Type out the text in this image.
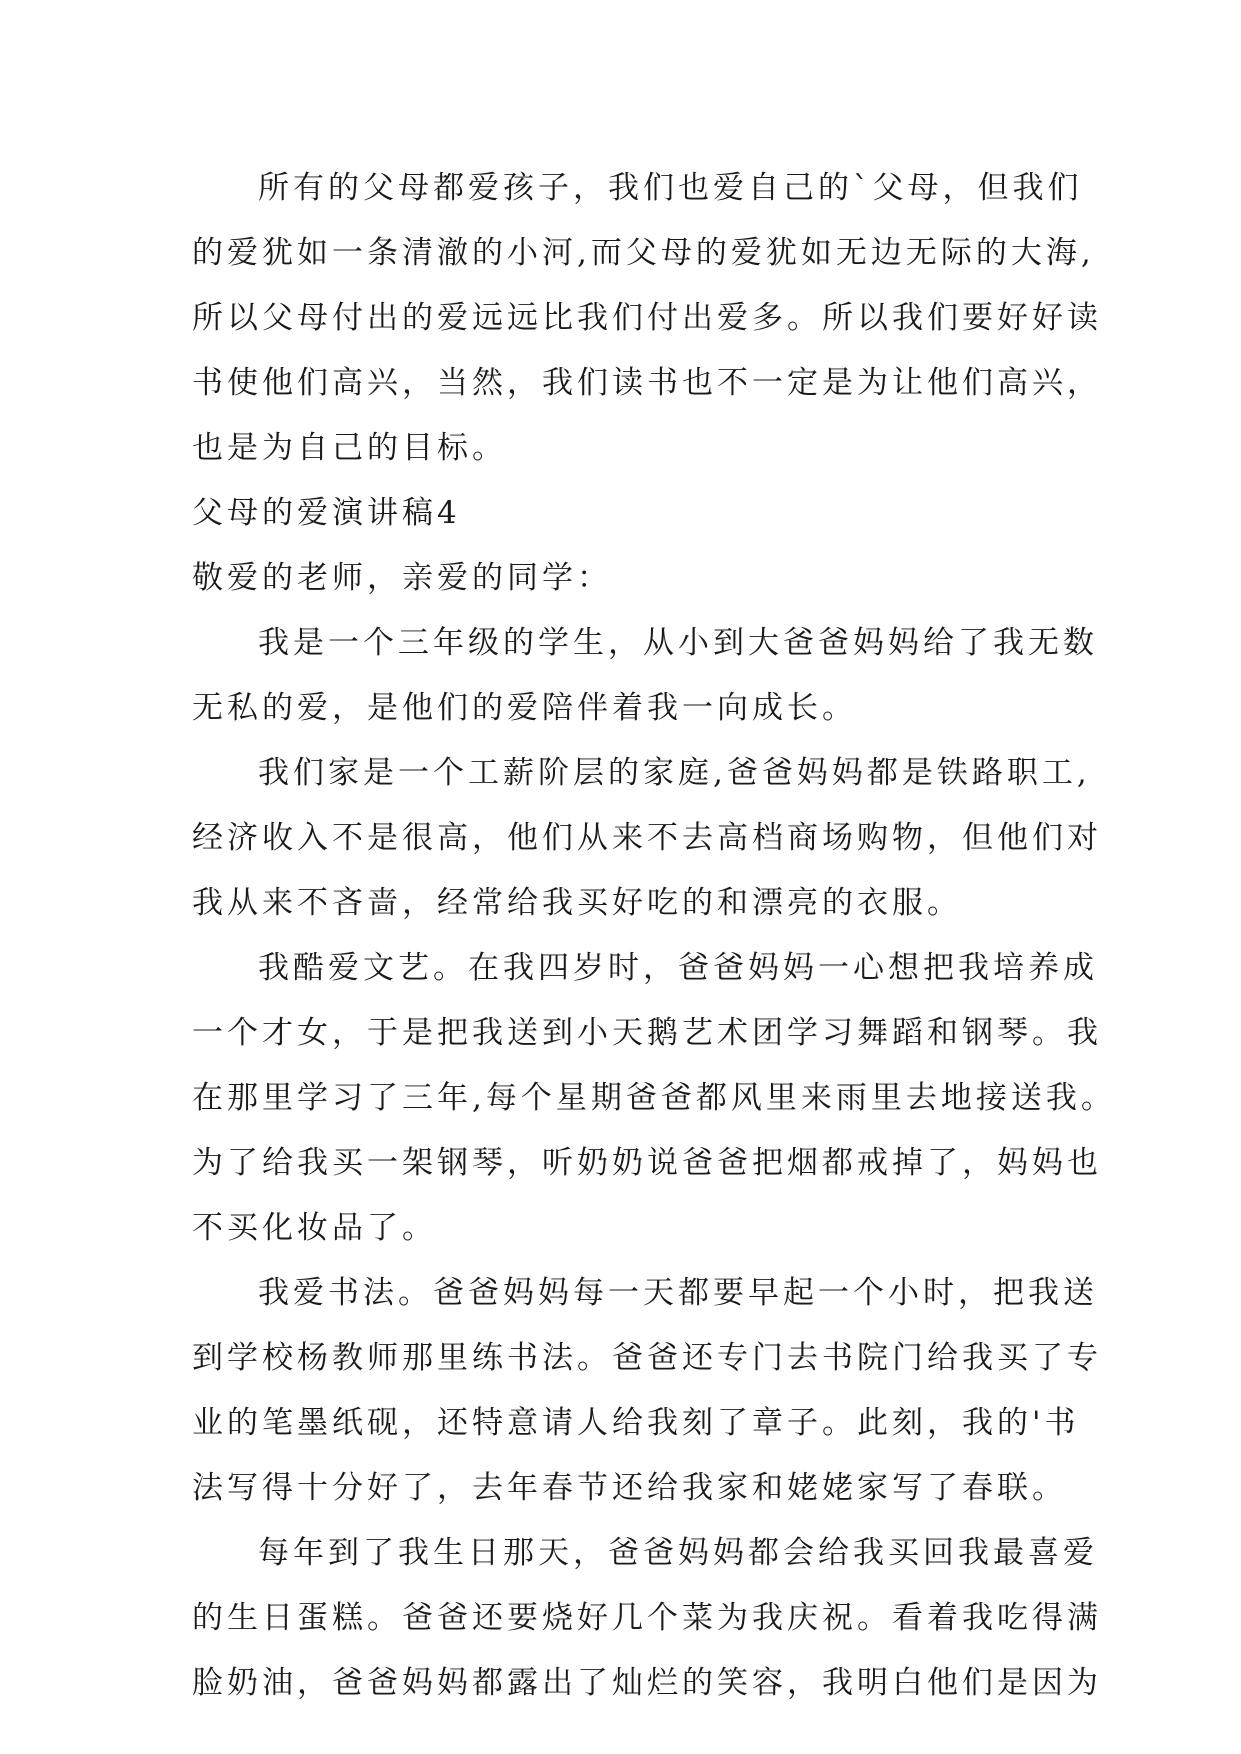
所有的父母都爱孩子，我们也爱自己的`父母，但我们
的爱犹如一条清澈的小河,而父母的爱犹如无边无际的大海,
所以父母付出的爱远远比我们付出爱多。所以我们要好好读
书使他们高兴，当然，我们读书也不一定是为让他们高兴，
也是为自己的目标。
父母的爱演讲稿4
敬爱的老师，亲爱的同学：
我是一个三年级的学生，从小到大爸爸妈妈给了我无数
无私的爱，是他们的爱陪伴着我一向成长。
我们家是一个工薪阶层的家庭,爸爸妈妈都是铁路职工,
经济收入不是很高，他们从来不去高档商场购物，但他们对
我从来不吝啬，经常给我买好吃的和漂亮的衣服。
我酷爱文艺。在我四岁时，爸爸妈妈一心想把我培养成
一个才女，于是把我送到小天鹅艺术团学习舞蹈和钢琴。我
在那里学习了三年,每个星期爸爸都风里来雨里去地接送我。
为了给我买一架钢琴，听奶奶说爸爸把烟都戒掉了，妈妈也
不买化妆品了。
我爱书法。爸爸妈妈每一天都要早起一个小时，把我送
到学校杨教师那里练书法。爸爸还专门去书院门给我买了专
业的笔墨纸砚，还特意请人给我刻了章子。此刻，我的'书
法写得十分好了，去年春节还给我家和姥姥家写了春联。
每年到了我生日那天，爸爸妈妈都会给我买回我最喜爱
的生日蛋糕。爸爸还要烧好几个菜为我庆祝。看着我吃得满
脸奶油，爸爸妈妈都露出了灿烂的笑容，我明白他们是因为
